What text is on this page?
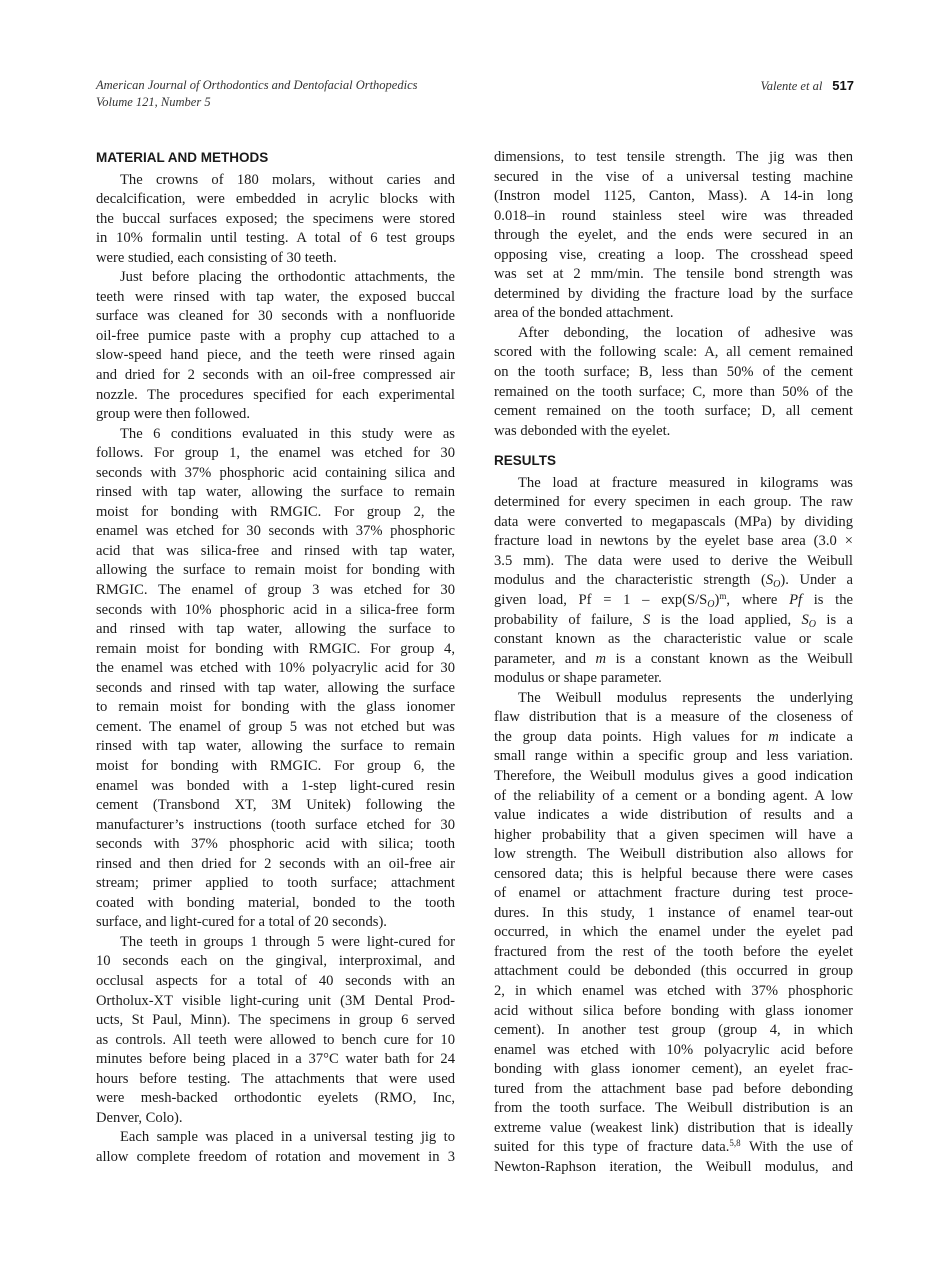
American Journal of Orthodontics and Dentofacial Orthopedics
Volume 121, Number 5
Valente et al 517
MATERIAL AND METHODS
The crowns of 180 molars, without caries and
decalcification, were embedded in acrylic blocks with
the buccal surfaces exposed; the specimens were stored
in 10% formalin until testing. A total of 6 test groups
were studied, each consisting of 30 teeth.
Just before placing the orthodontic attachments, the
teeth were rinsed with tap water, the exposed buccal
surface was cleaned for 30 seconds with a nonfluoride
oil-free pumice paste with a prophy cup attached to a
slow-speed hand piece, and the teeth were rinsed again
and dried for 2 seconds with an oil-free compressed air
nozzle. The procedures specified for each experimental
group were then followed.
The 6 conditions evaluated in this study were as
follows. For group 1, the enamel was etched for 30
seconds with 37% phosphoric acid containing silica and
rinsed with tap water, allowing the surface to remain
moist for bonding with RMGIC. For group 2, the
enamel was etched for 30 seconds with 37% phosphoric
acid that was silica-free and rinsed with tap water,
allowing the surface to remain moist for bonding with
RMGIC. The enamel of group 3 was etched for 30
seconds with 10% phosphoric acid in a silica-free form
and rinsed with tap water, allowing the surface to
remain moist for bonding with RMGIC. For group 4,
the enamel was etched with 10% polyacrylic acid for 30
seconds and rinsed with tap water, allowing the surface
to remain moist for bonding with the glass ionomer
cement. The enamel of group 5 was not etched but was
rinsed with tap water, allowing the surface to remain
moist for bonding with RMGIC. For group 6, the
enamel was bonded with a 1-step light-cured resin
cement (Transbond XT, 3M Unitek) following the
manufacturer’s instructions (tooth surface etched for 30
seconds with 37% phosphoric acid with silica; tooth
rinsed and then dried for 2 seconds with an oil-free air
stream; primer applied to tooth surface; attachment
coated with bonding material, bonded to the tooth
surface, and light-cured for a total of 20 seconds).
The teeth in groups 1 through 5 were light-cured for
10 seconds each on the gingival, interproximal, and
occlusal aspects for a total of 40 seconds with an
Ortholux-XT visible light-curing unit (3M Dental Prod-
ucts, St Paul, Minn). The specimens in group 6 served
as controls. All teeth were allowed to bench cure for 10
minutes before being placed in a 37°C water bath for 24
hours before testing. The attachments that were used
were mesh-backed orthodontic eyelets (RMO, Inc,
Denver, Colo).
Each sample was placed in a universal testing jig to
allow complete freedom of rotation and movement in 3
dimensions, to test tensile strength. The jig was then
secured in the vise of a universal testing machine
(Instron model 1125, Canton, Mass). A 14-in long
0.018–in round stainless steel wire was threaded
through the eyelet, and the ends were secured in an
opposing vise, creating a loop. The crosshead speed
was set at 2 mm/min. The tensile bond strength was
determined by dividing the fracture load by the surface
area of the bonded attachment.
After debonding, the location of adhesive was
scored with the following scale: A, all cement remained
on the tooth surface; B, less than 50% of the cement
remained on the tooth surface; C, more than 50% of the
cement remained on the tooth surface; D, all cement
was debonded with the eyelet.
RESULTS
The load at fracture measured in kilograms was
determined for every specimen in each group. The raw
data were converted to megapascals (MPa) by dividing
fracture load in newtons by the eyelet base area (3.0 ×
3.5 mm). The data were used to derive the Weibull
modulus and the characteristic strength $(S_O)$. Under a
given load, $Pf = 1 - \exp(S/S_O)^m$, where Pf is the
probability of failure, S is the load applied, $S_O$ is a
constant known as the characteristic value or scale
parameter, and m is a constant known as the Weibull
modulus or shape parameter.
The Weibull modulus represents the underlying
flaw distribution that is a measure of the closeness of
the group data points. High values for m indicate a
small range within a specific group and less variation.
Therefore, the Weibull modulus gives a good indication
of the reliability of a cement or a bonding agent. A low
value indicates a wide distribution of results and a
higher probability that a given specimen will have a
low strength. The Weibull distribution also allows for
censored data; this is helpful because there were cases
of enamel or attachment fracture during test proce-
dures. In this study, 1 instance of enamel tear-out
occurred, in which the enamel under the eyelet pad
fractured from the rest of the tooth before the eyelet
attachment could be debonded (this occurred in group
2, in which enamel was etched with 37% phosphoric
acid without silica before bonding with glass ionomer
cement). In another test group (group 4, in which
enamel was etched with 10% polyacrylic acid before
bonding with glass ionomer cement), an eyelet frac-
tured from the attachment base pad before debonding
from the tooth surface. The Weibull distribution is an
extreme value (weakest link) distribution that is ideally
suited for this type of fracture data.$^{5,8}$ With the use of
Newton-Raphson iteration, the Weibull modulus, and
